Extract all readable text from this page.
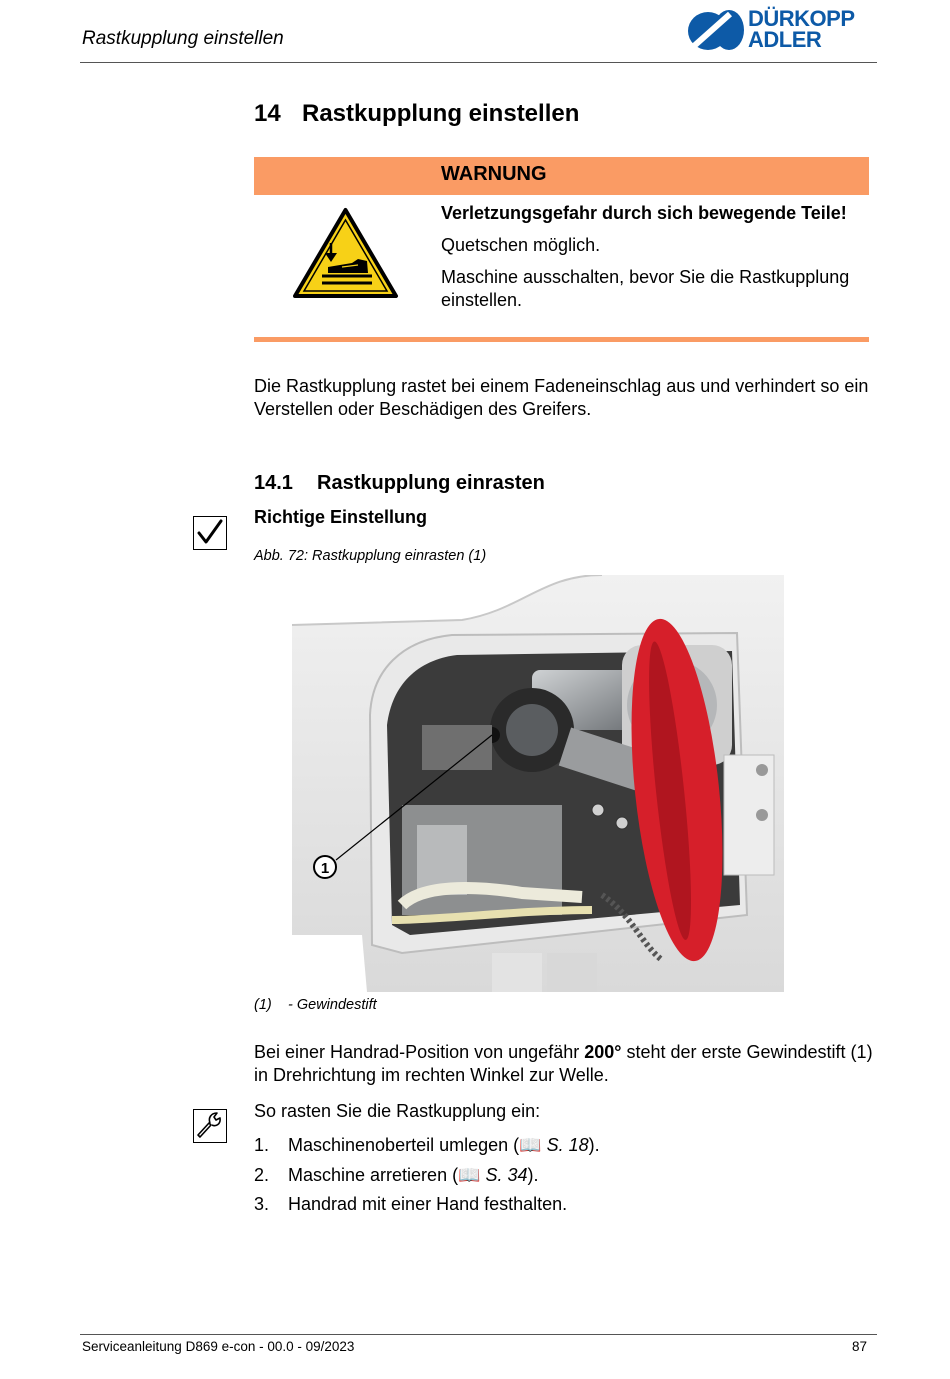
Rastkupplung einstellen
DÜRKOPP
ADLER
14 Rastkupplung einstellen
WARNUNG

Verletzungsgefahr durch sich bewegende Teile!

Quetschen möglich.

Maschine ausschalten, bevor Sie die Rastkupplung einstellen.

Die Rastkupplung rastet bei einem Fadeneinschlag aus und verhindert so ein Verstellen oder Beschädigen des Greifers.
14.1 Rastkupplung einrasten
Richtige Einstellung
Abb. 72: Rastkupplung einrasten (1)
1
(1) - Gewindestift
Bei einer Handrad-Position von ungefähr 200° steht der erste Gewindestift (1) in Drehrichtung im rechten Winkel zur Welle.
So rasten Sie die Rastkupplung ein:
1. Maschinenoberteil umlegen (📖 S. 18).
2. Maschine arretieren (📖 S. 34).
3. Handrad mit einer Hand festhalten.
Serviceanleitung D869 e-con - 00.0 - 09/2023	87
